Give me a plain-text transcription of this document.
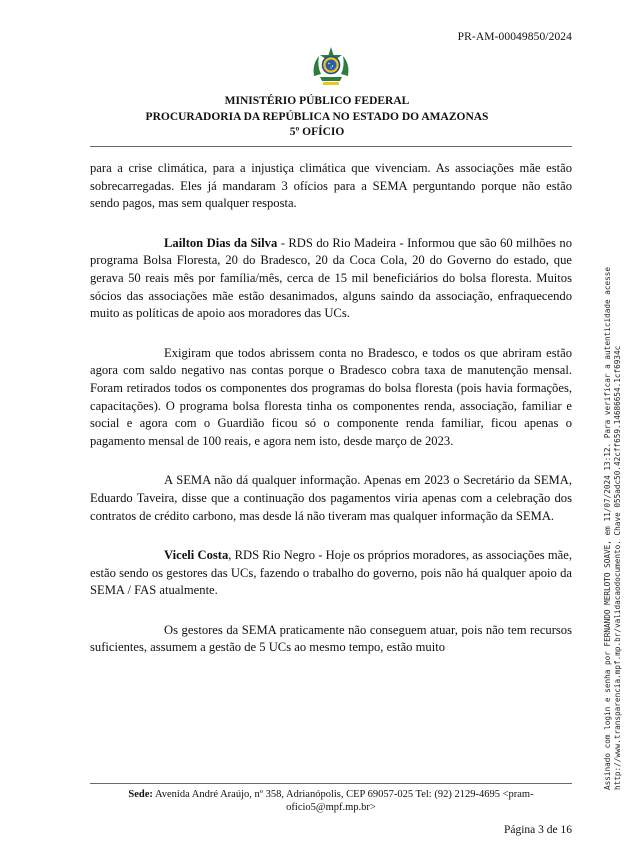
PR-AM-00049850/2024
MINISTÉRIO PÚBLICO FEDERAL
PROCURADORIA DA REPÚBLICA NO ESTADO DO AMAZONAS
5º OFÍCIO

para a crise climática, para a injustiça climática que vivenciam. As associações mãe estão sobrecarregadas. Eles já mandaram 3 ofícios para a SEMA perguntando porque não estão sendo pagos, mas sem qualquer resposta.

Lailton Dias da Silva - RDS do Rio Madeira - Informou que são 60 milhões no programa Bolsa Floresta, 20 do Bradesco, 20 da Coca Cola, 20 do Governo do estado, que gerava 50 reais mês por família/mês, cerca de 15 mil beneficiários do bolsa floresta. Muitos sócios das associações mãe estão desanimados, alguns saindo da associação, enfraquecendo muito as políticas de apoio aos moradores das UCs.

Exigiram que todos abrissem conta no Bradesco, e todos os que abriram estão agora com saldo negativo nas contas porque o Bradesco cobra taxa de manutenção mensal. Foram retirados todos os componentes dos programas do bolsa floresta (pois havia formações, capacitações). O programa bolsa floresta tinha os componentes renda, associação, familiar e social e agora com o Guardião ficou só o componente renda familiar, ficou apenas o pagamento mensal de 100 reais, e agora nem isto, desde março de 2023.

A SEMA não dá qualquer informação. Apenas em 2023 o Secretário da SEMA, Eduardo Taveira, disse que a continuação dos pagamentos viria apenas com a celebração dos contratos de crédito carbono, mas desde lá não tiveram mas qualquer informação da SEMA.

Viceli Costa, RDS Rio Negro - Hoje os próprios moradores, as associações mãe, estão sendo os gestores das UCs, fazendo o trabalho do governo, pois não há qualquer apoio da SEMA / FAS atualmente.

Os gestores da SEMA praticamente não conseguem atuar, pois não tem recursos suficientes, assumem a gestão de 5 UCs ao mesmo tempo, estão muito

Sede: Avenida André Araújo, nº 358, Adrianópolis, CEP 69057-025 Tel: (92) 2129-4695 <pram-
oficio5@mpf.mp.br>
Página 3 de 16
Assinado com login e senha por FERNANDO MERLOTO SOAVE, em 11/07/2024 13:12. Para verificar a autenticidade acesse http://www.transparencia.mpf.mp.br/validacaodocumento. Chave 055adc50.42cff659.14686654.1cf6934c
